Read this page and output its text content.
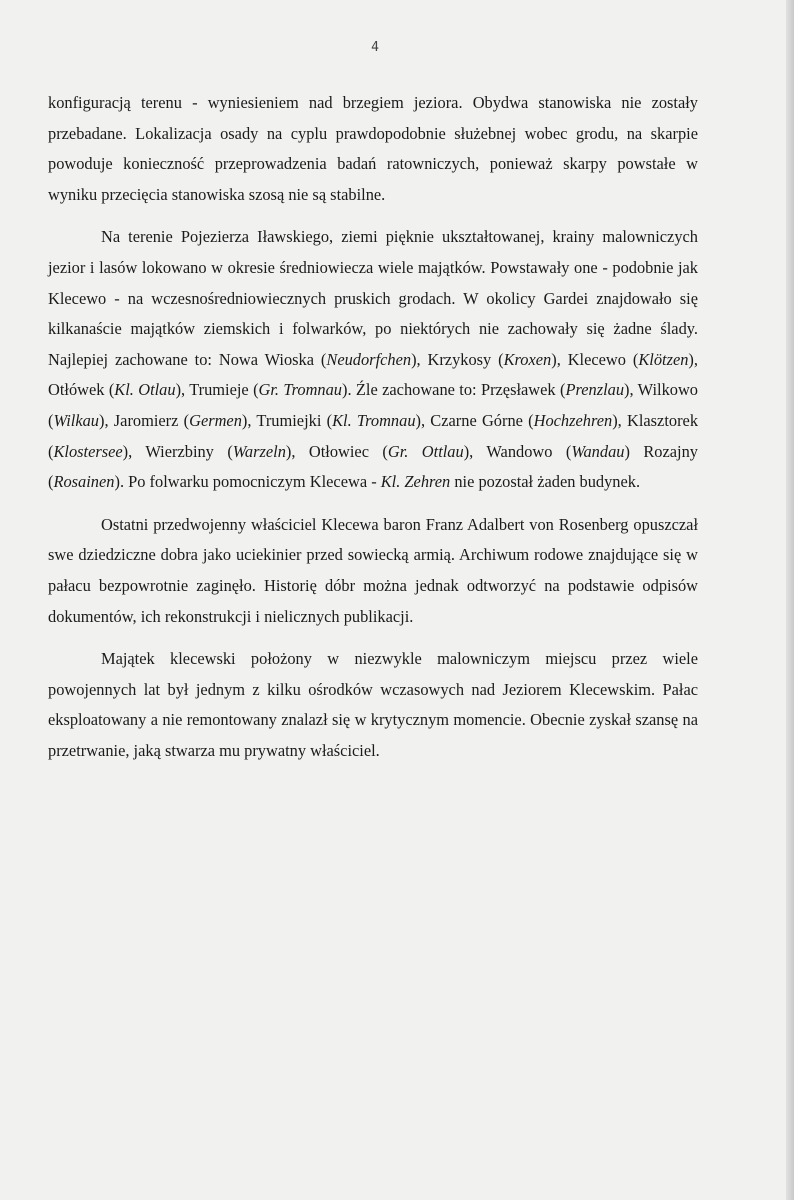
4

konfiguracją terenu - wyniesieniem nad brzegiem jeziora. Obydwa stanowiska nie zostały przebadane. Lokalizacja osady na cyplu prawdopodobnie służebnej wobec grodu, na skarpie powoduje konieczność przeprowadzenia badań ratowniczych, ponieważ skarpy powstałe w wyniku przecięcia stanowiska szosą nie są stabilne.

Na terenie Pojezierza Iławskiego, ziemi pięknie ukształtowanej, krainy malowniczych jezior i lasów lokowano w okresie średniowiecza wiele majątków. Powstawały one - podobnie jak Klecewo - na wczesnośredniowiecznych pruskich grodach. W okolicy Gardei znajdowało się kilkanaście majątków ziemskich i folwarków, po niektórych nie zachowały się żadne ślady. Najlepiej zachowane to: Nowa Wioska (Neudorfchen), Krzykosy (Kroxen), Klecewo (Klötzen), Otłówek (Kl. Otlau), Trumieje (Gr. Tromnau). Źle zachowane to: Przęsławek (Prenzlau), Wilkowo (Wilkau), Jaromierz (Germen), Trumiejki (Kl. Tromnau), Czarne Górne (Hochzehren), Klasztorek (Klostersee), Wierzbiny (Warzeln), Otłowiec (Gr. Ottlau), Wandowo (Wandau) Rozajny (Rosainen). Po folwarku pomocniczym Klecewa - Kl. Zehren nie pozostał żaden budynek.

Ostatni przedwojenny właściciel Klecewa baron Franz Adalbert von Rosenberg opuszczał swe dziedziczne dobra jako uciekinier przed sowiecką armią. Archiwum rodowe znajdujące się w pałacu bezpowrotnie zaginęło. Historię dóbr można jednak odtworzyć na podstawie odpisów dokumentów, ich rekonstrukcji i nielicznych publikacji.

Majątek klecewski położony w niezwykle malowniczym miejscu przez wiele powojennych lat był jednym z kilku ośrodków wczasowych nad Jeziorem Klecewskim. Pałac eksploatowany a nie remontowany znalazł się w krytycznym momencie. Obecnie zyskał szansę na przetrwanie, jaką stwarza mu prywatny właściciel.
